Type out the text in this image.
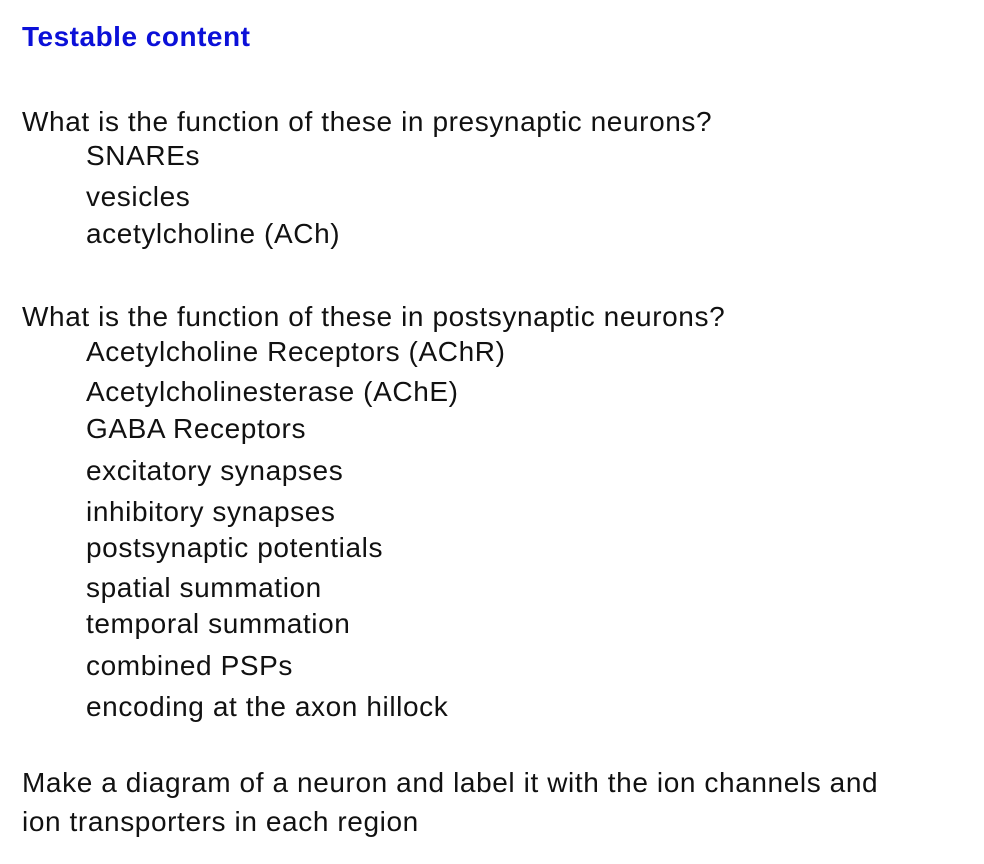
Testable content
What is the function of these in presynaptic neurons?
SNAREs
vesicles
acetylcholine (ACh)
What is the function of these in postsynaptic neurons?
Acetylcholine Receptors (AChR)
Acetylcholinesterase (AChE)
GABA Receptors
excitatory synapses
inhibitory synapses
postsynaptic potentials
spatial summation
temporal summation
combined PSPs
encoding at the axon hillock
Make a diagram of a neuron and label it with the ion channels and
ion transporters in each region
